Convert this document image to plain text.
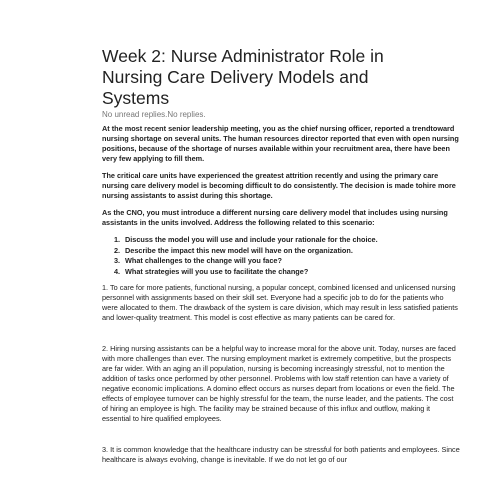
Week 2: Nurse Administrator Role in Nursing Care Delivery Models and Systems
No unread replies.No replies.

At the most recent senior leadership meeting, you as the chief nursing officer, reported a trendtoward nursing shortage on several units. The human resources director reported that even with open nursing positions, because of the shortage of nurses available within your recruitment area, there have been very few applying to fill them.

The critical care units have experienced the greatest attrition recently and using the primary care nursing care delivery model is becoming difficult to do consistently. The decision is made tohire more nursing assistants to assist during this shortage.

As the CNO, you must introduce a different nursing care delivery model that includes using nursing assistants in the units involved. Address the following related to this scenario:

1. Discuss the model you will use and include your rationale for the choice.
2. Describe the impact this new model will have on the organization.
3. What challenges to the change will you face?
4. What strategies will you use to facilitate the change?

1. To care for more patients, functional nursing, a popular concept, combined licensed and unlicensed nursing personnel with assignments based on their skill set. Everyone had a specific job to do for the patients who were allocated to them. The drawback of the system is care division, which may result in less satisfied patients and lower-quality treatment. This model is cost effective as many patients can be cared for.

2. Hiring nursing assistants can be a helpful way to increase moral for the above unit. Today, nurses are faced with more challenges than ever. The nursing employment market is extremely competitive, but the prospects are far wider. With an aging an ill population, nursing is becoming increasingly stressful, not to mention the addition of tasks once performed by other personnel. Problems with low staff retention can have a variety of negative economic implications. A domino effect occurs as nurses depart from locations or even the field. The effects of employee turnover can be highly stressful for the team, the nurse leader, and the patients. The cost of hiring an employee is high. The facility may be strained because of this influx and outflow, making it essential to hire qualified employees.

3. It is common knowledge that the healthcare industry can be stressful for both patients and employees. Since healthcare is always evolving, change is inevitable. If we do not let go of our
